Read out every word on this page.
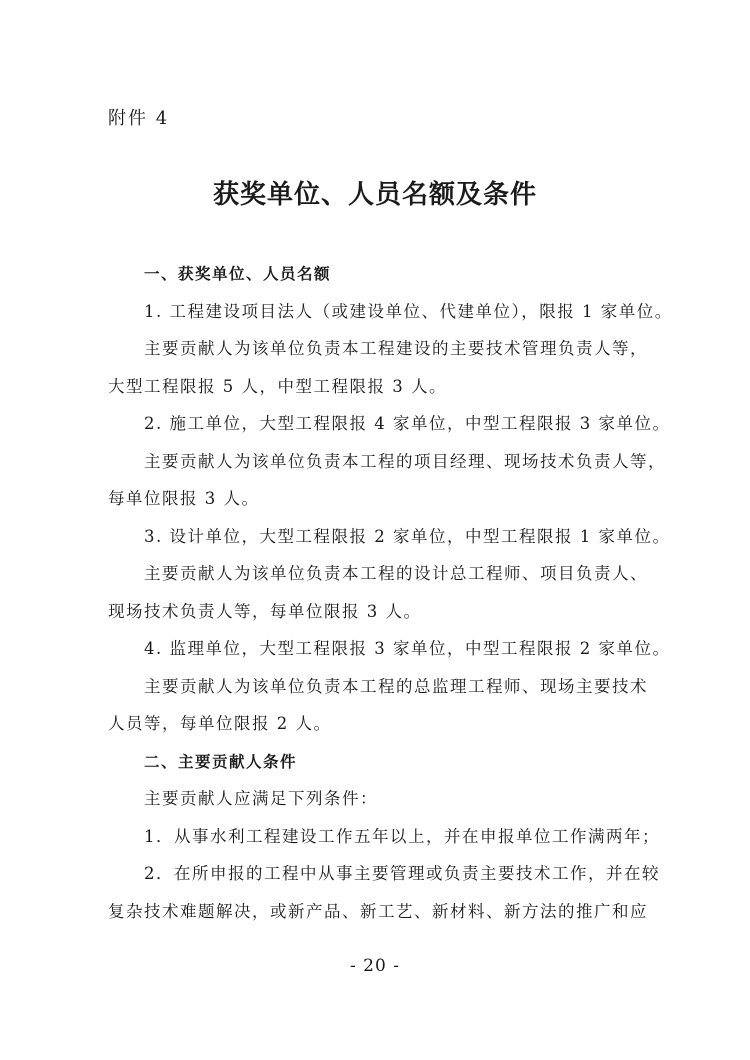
附件 4
获奖单位、人员名额及条件
一、获奖单位、人员名额
1. 工程建设项目法人（或建设单位、代建单位），限报 1 家单位。
主要贡献人为该单位负责本工程建设的主要技术管理负责人等，
大型工程限报 5 人，中型工程限报 3 人。
2. 施工单位，大型工程限报 4 家单位，中型工程限报 3 家单位。
主要贡献人为该单位负责本工程的项目经理、现场技术负责人等，
每单位限报 3 人。
3. 设计单位，大型工程限报 2 家单位，中型工程限报 1 家单位。
主要贡献人为该单位负责本工程的设计总工程师、项目负责人、
现场技术负责人等，每单位限报 3 人。
4. 监理单位，大型工程限报 3 家单位，中型工程限报 2 家单位。
主要贡献人为该单位负责本工程的总监理工程师、现场主要技术
人员等，每单位限报 2 人。
二、主要贡献人条件
主要贡献人应满足下列条件：
1．从事水利工程建设工作五年以上，并在申报单位工作满两年；
2．在所申报的工程中从事主要管理或负责主要技术工作，并在较
复杂技术难题解决，或新产品、新工艺、新材料、新方法的推广和应
- 20 -
